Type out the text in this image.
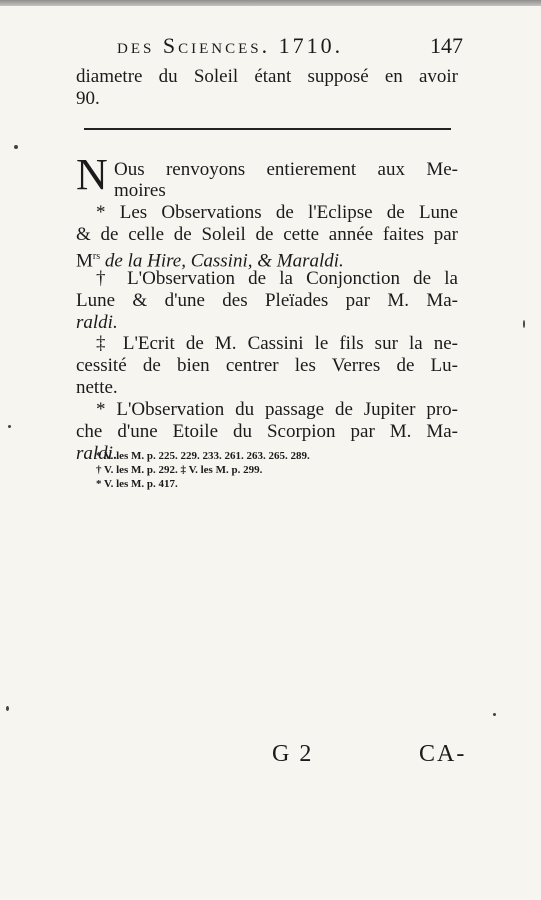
des Sciences. 1710.	147
diametre du Soleil étant supposé en avoir
90.
N Ous renvoyons entierement aux Me-
moires
* Les Observations de l'Eclipse de Lune
& de celle de Soleil de cette année faites par
$M^{rs}$ de la Hire, Cassini, & Maraldi.
† L'Observation de la Conjonction de la
Lune & d'une des Pleïades par M. Ma-
raldi.
‡ L'Ecrit de M. Cassini le fils sur la ne-
cessité de bien centrer les Verres de Lu-
nette.
* L'Observation du passage de Jupiter pro-
che d'une Etoile du Scorpion par M. Ma-
raldi.
* V. les M. p. 225. 229. 233. 261. 263. 265. 289.
† V. les M. p. 292. ‡ V. les M. p. 299.
* V. les M. p. 417.
G 2	CA-
